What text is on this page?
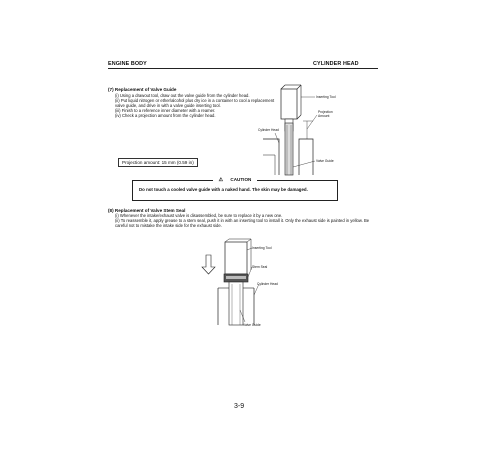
ENGINE BODY	CYLINDER HEAD
(7) Replacement of Valve Guide
(i) Using a drawout tool, draw out the valve guide from the cylinder head.
(ii) Put liquid nitrogen or ether/alcohol plus dry ice in a container to cool a replacement valve guide, and drive in with a valve guide inserting tool.
(iii) Finish to a reference inner diameter with a reamer.
(iv) Check a projection amount from the cylinder head.
Projection amount: 15 mm (0.59 in)
Inserting Tool
Projection Amount
Cylinder Head
Valve Guide
⚠ CAUTION
Do not touch a cooled valve guide with a naked hand. The skin may be damaged.
(8) Replacement of Valve Stem Seal
(i) Whenever the intake/exhaust valve is disassembled, be sure to replace it by a new one.
(ii) To reassemble it, apply grease to a stem seal, push it in with an inserting tool to install it. Only the exhaust side is painted in yellow. Be careful not to mistake the intake side for the exhaust side.
Inserting Tool
Stem Seal
Cylinder Head
Valve Guide
3-9
